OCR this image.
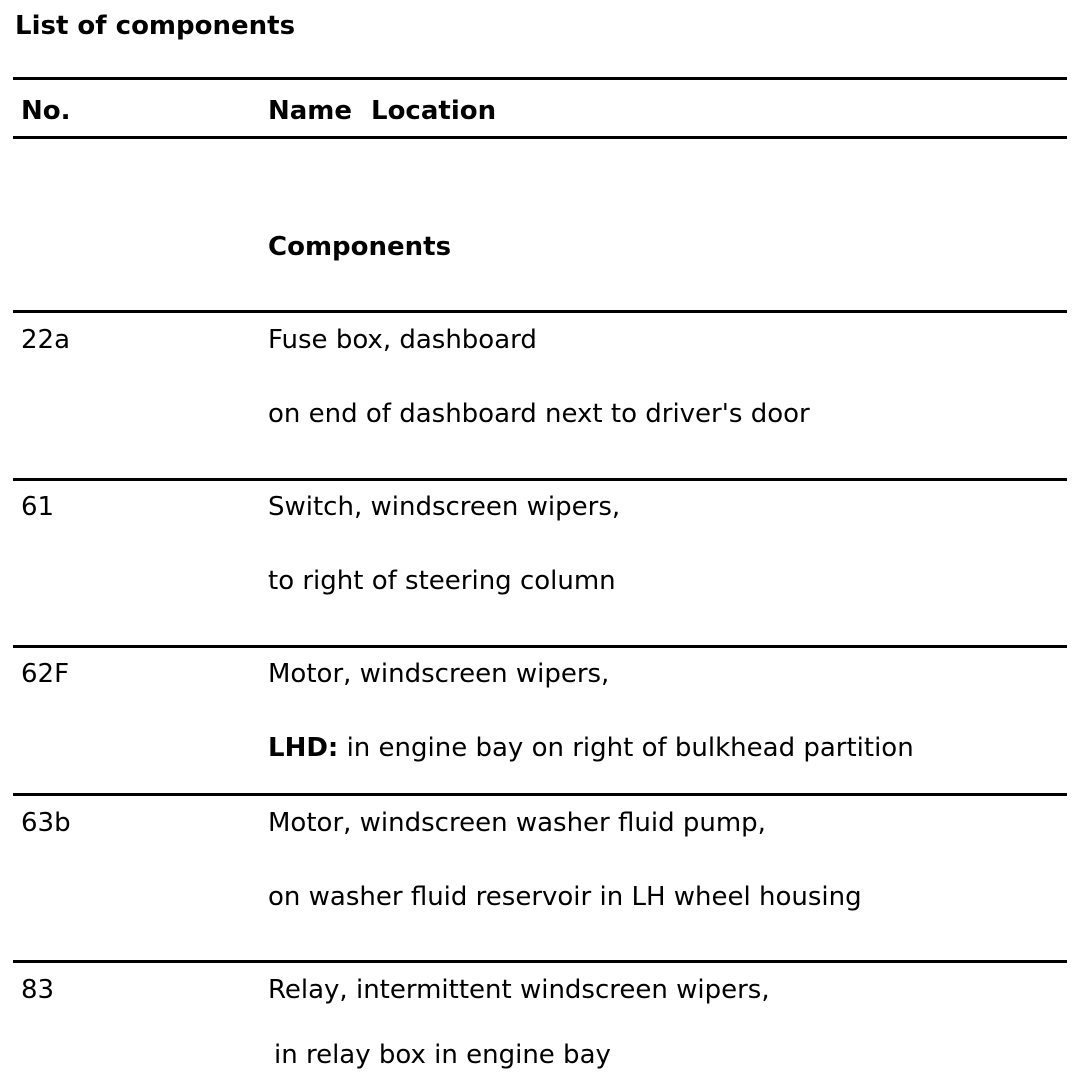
List of components
No.	Name Location
Components
22a	Fuse box, dashboard
on end of dashboard next to driver's door
61	Switch, windscreen wipers,
to right of steering column
62F	Motor, windscreen wipers,
LHD: in engine bay on right of bulkhead partition
63b	Motor, windscreen washer fluid pump,
on washer fluid reservoir in LH wheel housing
83	Relay, intermittent windscreen wipers,
in relay box in engine bay
